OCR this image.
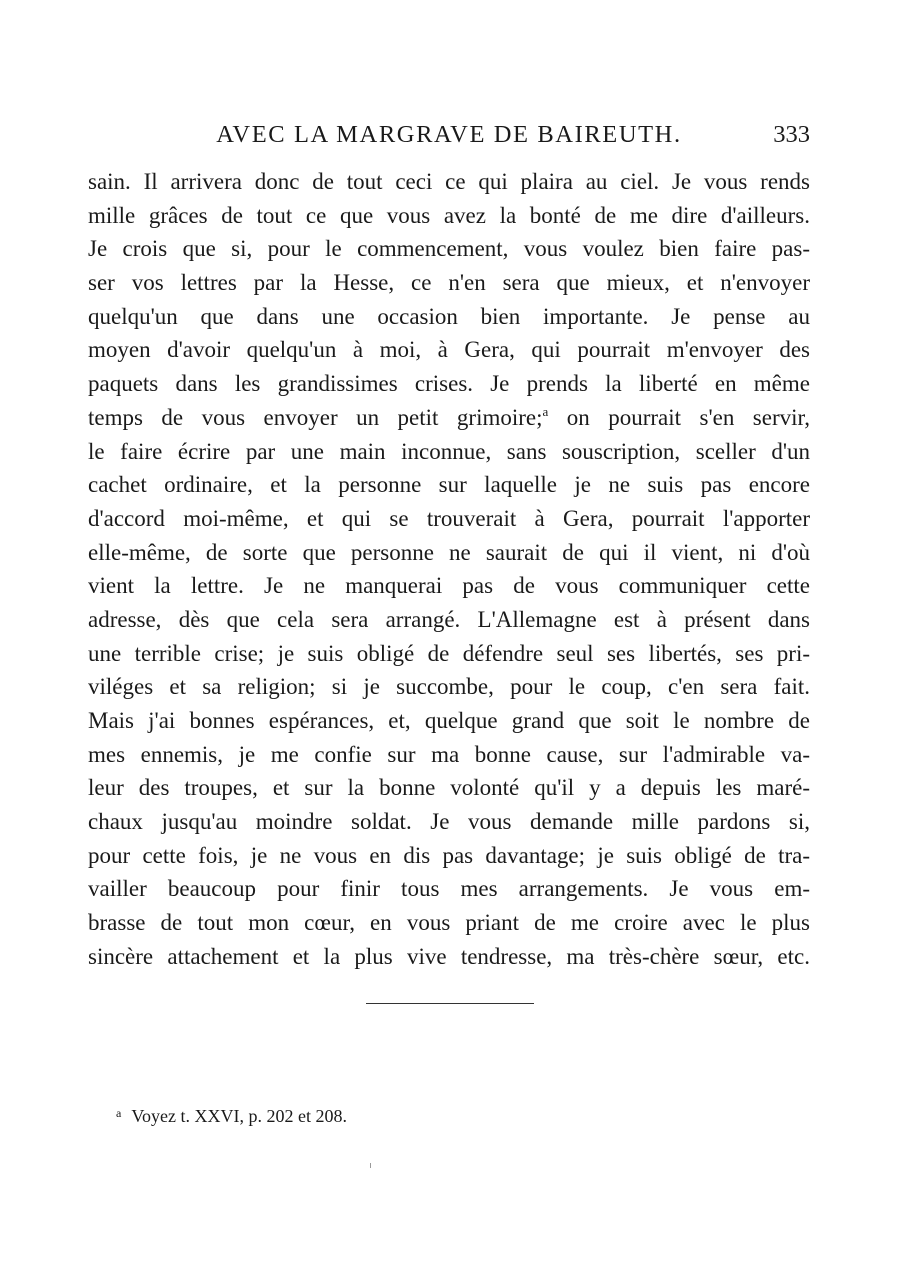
AVEC LA MARGRAVE DE BAIREUTH.	333
sain. Il arrivera donc de tout ceci ce qui plaira au ciel. Je vous rends
mille grâces de tout ce que vous avez la bonté de me dire d'ailleurs.
Je crois que si, pour le commencement, vous voulez bien faire pas-
ser vos lettres par la Hesse, ce n'en sera que mieux, et n'envoyer
quelqu'un que dans une occasion bien importante. Je pense au
moyen d'avoir quelqu'un à moi, à Gera, qui pourrait m'envoyer des
paquets dans les grandissimes crises. Je prends la liberté en même
temps de vous envoyer un petit grimoire;$^a$ on pourrait s'en servir,
le faire écrire par une main inconnue, sans souscription, sceller d'un
cachet ordinaire, et la personne sur laquelle je ne suis pas encore
d'accord moi-même, et qui se trouverait à Gera, pourrait l'apporter
elle-même, de sorte que personne ne saurait de qui il vient, ni d'où
vient la lettre. Je ne manquerai pas de vous communiquer cette
adresse, dès que cela sera arrangé. L'Allemagne est à présent dans
une terrible crise; je suis obligé de défendre seul ses libertés, ses pri-
viléges et sa religion; si je succombe, pour le coup, c'en sera fait.
Mais j'ai bonnes espérances, et, quelque grand que soit le nombre de
mes ennemis, je me confie sur ma bonne cause, sur l'admirable va-
leur des troupes, et sur la bonne volonté qu'il y a depuis les maré-
chaux jusqu'au moindre soldat. Je vous demande mille pardons si,
pour cette fois, je ne vous en dis pas davantage; je suis obligé de tra-
vailler beaucoup pour finir tous mes arrangements. Je vous em-
brasse de tout mon cœur, en vous priant de me croire avec le plus
sincère attachement et la plus vive tendresse, ma très-chère sœur, etc.
$^a$ Voyez t. XXVI, p. 202 et 208.
